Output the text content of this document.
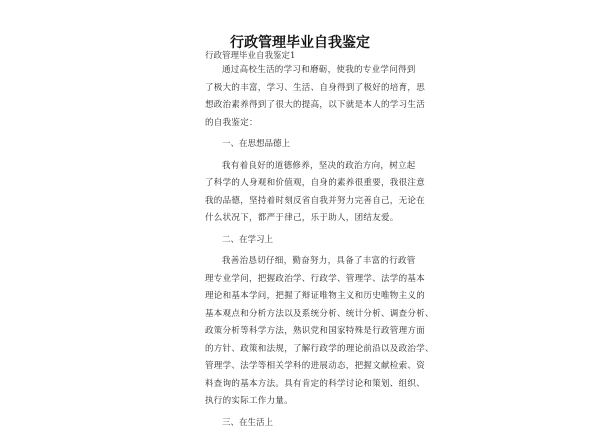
行政管理毕业自我鉴定
行政管理毕业自我鉴定1
通过高校生活的学习和磨砺，使我的专业学问得到
了极大的丰富，学习、生活、自身得到了极好的培育，思
想政治素养得到了很大的提高，以下就是本人的学习生活
的自我鉴定：
一、在思想品德上
我有着良好的道德修养，坚决的政治方向，树立起
了科学的人身观和价值观，自身的素养很重要，我很注意
我的品德，坚持着时刻反省自我并努力完善自己，无论在
什么状况下，都严于律己，乐于助人，团结友爱。
二、在学习上
我善治恳切仔细，勤奋努力，具备了丰富的行政管
理专业学问，把握政治学、行政学、管理学、法学的基本
理论和基本学问，把握了辩证唯物主义和历史唯物主义的
基本观点和分析方法以及系统分析、统计分析、调查分析、
政策分析等科学方法，熟识党和国家特殊是行政管理方面
的方针、政策和法规，了解行政学的理论前沿以及政治学、
管理学、法学等相关学科的进展动态，把握文献检索、资
料查询的基本方法。具有肯定的科学讨论和策划、组织、
执行的实际工作力量。
三、在生活上
